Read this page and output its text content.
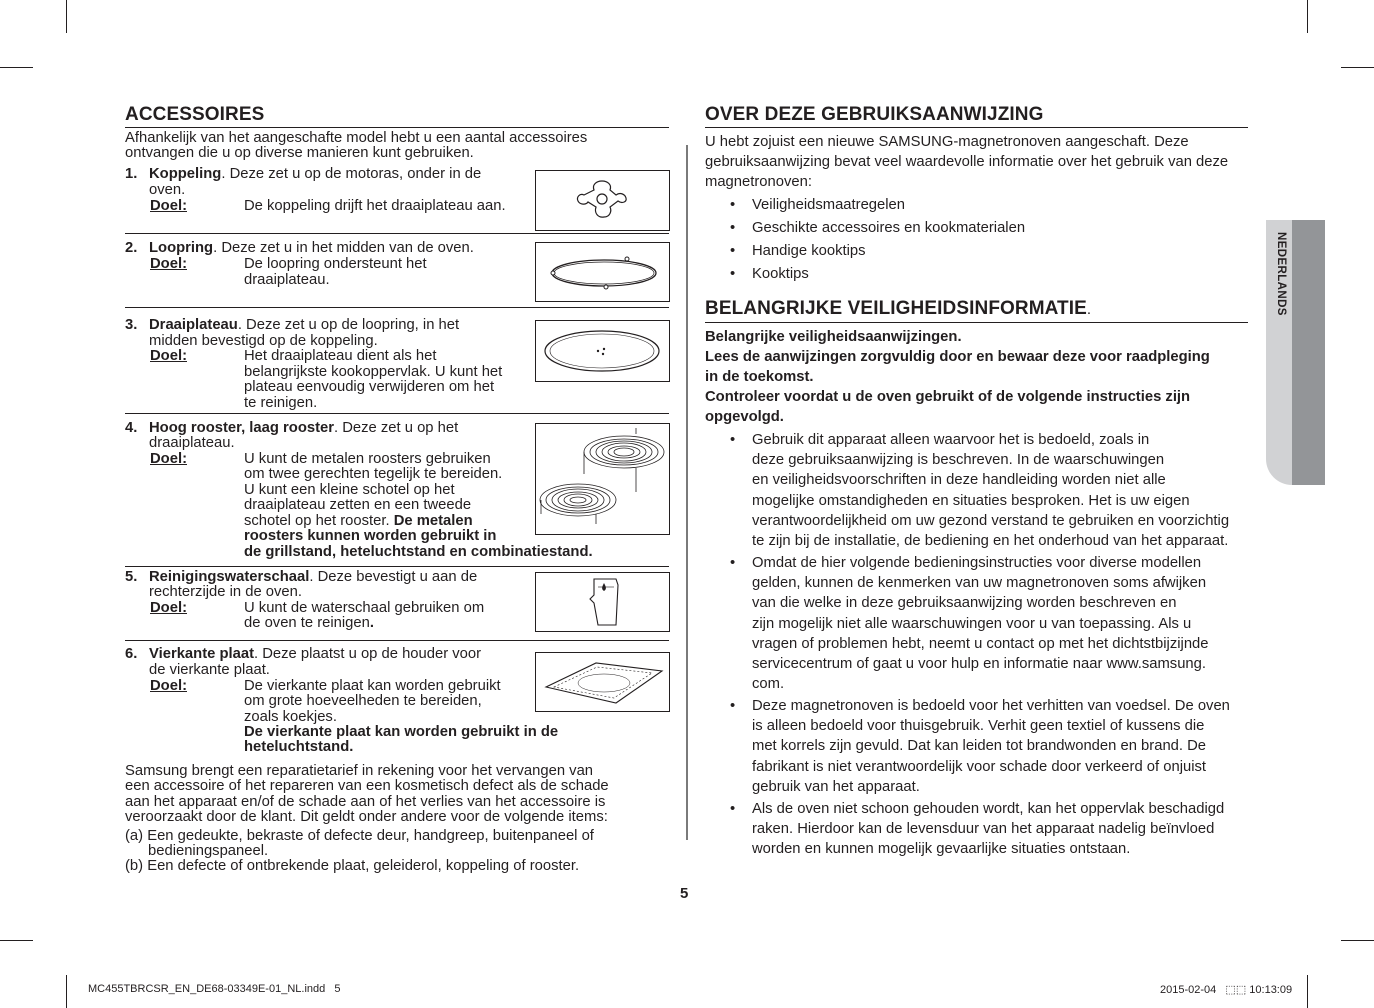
ACCESSOIRES
Afhankelijk van het aangeschafte model hebt u een aantal accessoires
ontvangen die u op diverse manieren kunt gebruiken.
1. Koppeling. Deze zet u op de motoras, onder in de
oven.
Doel:	De koppeling drijft het draaiplateau aan.
2. Loopring. Deze zet u in het midden van de oven.
Doel:	De loopring ondersteunt het
draaiplateau.
3. Draaiplateau. Deze zet u op de loopring, in het
midden bevestigd op de koppeling.
Doel:	Het draaiplateau dient als het
belangrijkste kookoppervlak. U kunt het
plateau eenvoudig verwijderen om het
te reinigen.
4. Hoog rooster, laag rooster. Deze zet u op het
draaiplateau.
Doel:	U kunt de metalen roosters gebruiken
om twee gerechten tegelijk te bereiden.
U kunt een kleine schotel op het
draaiplateau zetten en een tweede
schotel op het rooster. De metalen
roosters kunnen worden gebruikt in
de grillstand, heteluchtstand en combinatiestand.
5. Reinigingswaterschaal. Deze bevestigt u aan de
rechterzijde in de oven.
Doel:	U kunt de waterschaal gebruiken om
de oven te reinigen.
6. Vierkante plaat. Deze plaatst u op de houder voor
de vierkante plaat.
Doel:	De vierkante plaat kan worden gebruikt
om grote hoeveelheden te bereiden,
zoals koekjes.
De vierkante plaat kan worden gebruikt in de
heteluchtstand.
Samsung brengt een reparatietarief in rekening voor het vervangen van
een accessoire of het repareren van een kosmetisch defect als de schade
aan het apparaat en/of de schade aan of het verlies van het accessoire is
veroorzaakt door de klant. Dit geldt onder andere voor de volgende items:
(a) Een gedeukte, bekraste of defecte deur, handgreep, buitenpaneel of
bedieningspaneel.
(b) Een defecte of ontbrekende plaat, geleiderol, koppeling of rooster.
OVER DEZE GEBRUIKSAANWIJZING
U hebt zojuist een nieuwe SAMSUNG-magnetronoven aangeschaft. Deze
gebruiksaanwijzing bevat veel waardevolle informatie over het gebruik van deze
magnetronoven:
• Veiligheidsmaatregelen
• Geschikte accessoires en kookmaterialen
• Handige kooktips
• Kooktips
BELANGRIJKE VEILIGHEIDSINFORMATIE.
Belangrijke veiligheidsaanwijzingen.
Lees de aanwijzingen zorgvuldig door en bewaar deze voor raadpleging
in de toekomst.
Controleer voordat u de oven gebruikt of de volgende instructies zijn
opgevolgd.
• Gebruik dit apparaat alleen waarvoor het is bedoeld, zoals in
deze gebruiksaanwijzing is beschreven. In de waarschuwingen
en veiligheidsvoorschriften in deze handleiding worden niet alle
mogelijke omstandigheden en situaties besproken. Het is uw eigen
verantwoordelijkheid om uw gezond verstand te gebruiken en voorzichtig
te zijn bij de installatie, de bediening en het onderhoud van het apparaat.
• Omdat de hier volgende bedieningsinstructies voor diverse modellen
gelden, kunnen de kenmerken van uw magnetronoven soms afwijken
van die welke in deze gebruiksaanwijzing worden beschreven en
zijn mogelijk niet alle waarschuwingen voor u van toepassing. Als u
vragen of problemen hebt, neemt u contact op met het dichtstbijzijnde
servicecentrum of gaat u voor hulp en informatie naar www.samsung.
com.
• Deze magnetronoven is bedoeld voor het verhitten van voedsel. De oven
is alleen bedoeld voor thuisgebruik. Verhit geen textiel of kussens die
met korrels zijn gevuld. Dat kan leiden tot brandwonden en brand. De
fabrikant is niet verantwoordelijk voor schade door verkeerd of onjuist
gebruik van het apparaat.
• Als de oven niet schoon gehouden wordt, kan het oppervlak beschadigd
raken. Hierdoor kan de levensduur van het apparaat nadelig beïnvloed
worden en kunnen mogelijk gevaarlijke situaties ontstaan.
NEDERLANDS
5
MC455TBRCSR_EN_DE68-03349E-01_NL.indd   5	2015-02-04   ⬚⬚ 10:13:09
